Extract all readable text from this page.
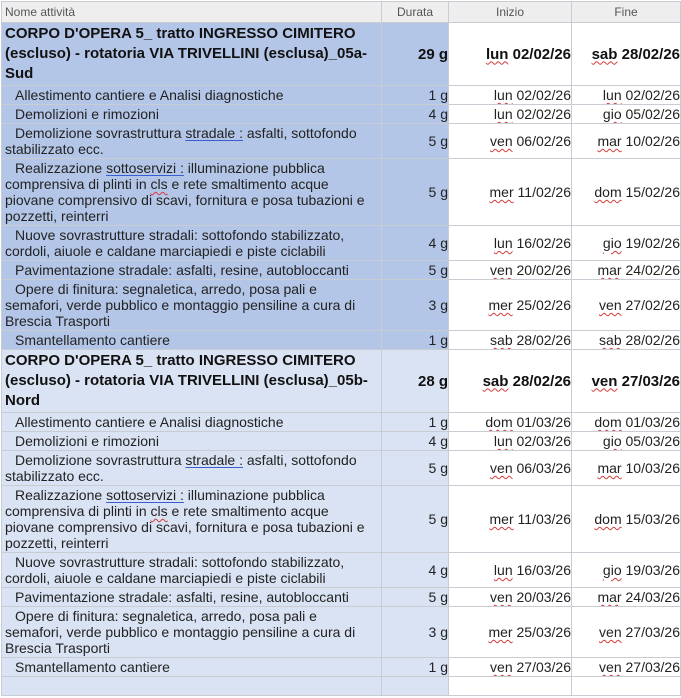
Nome attività	Durata	Inizio	Fine

CORPO D'OPERA 5_ tratto INGRESSO CIMITERO (escluso) - rotatoria VIA TRIVELLINI (esclusa)_05a-Sud	29 g	lun 02/02/26	sab 28/02/26

Allestimento cantiere e Analisi diagnostiche	1 g	lun 02/02/26	lun 02/02/26

Demolizioni e rimozioni	4 g	lun 02/02/26	gio 05/02/26

Demolizione sovrastruttura stradale : asfalti, sottofondo stabilizzato ecc.	5 g	ven 06/02/26	mar 10/02/26

Realizzazione sottoservizi : illuminazione pubblica comprensiva di plinti in cls e rete smaltimento acque piovane comprensivo di scavi, fornitura e posa tubazioni e pozzetti, reinterri	5 g	mer 11/02/26	dom 15/02/26

Nuove sovrastrutture stradali: sottofondo stabilizzato, cordoli, aiuole e caldane marciapiedi e piste ciclabili	4 g	lun 16/02/26	gio 19/02/26

Pavimentazione stradale: asfalti, resine, autobloccanti	5 g	ven 20/02/26	mar 24/02/26

Opere di finitura: segnaletica, arredo, posa pali e semafori, verde pubblico e montaggio pensiline a cura di Brescia Trasporti	3 g	mer 25/02/26	ven 27/02/26

Smantellamento cantiere	1 g	sab 28/02/26	sab 28/02/26

CORPO D'OPERA 5_ tratto INGRESSO CIMITERO (escluso) - rotatoria VIA TRIVELLINI (esclusa)_05b-Nord	28 g	sab 28/02/26	ven 27/03/26

Allestimento cantiere e Analisi diagnostiche	1 g	dom 01/03/26	dom 01/03/26

Demolizioni e rimozioni	4 g	lun 02/03/26	gio 05/03/26

Demolizione sovrastruttura stradale : asfalti, sottofondo stabilizzato ecc.	5 g	ven 06/03/26	mar 10/03/26

Realizzazione sottoservizi : illuminazione pubblica comprensiva di plinti in cls e rete smaltimento acque piovane comprensivo di scavi, fornitura e posa tubazioni e pozzetti, reinterri	5 g	mer 11/03/26	dom 15/03/26

Nuove sovrastrutture stradali: sottofondo stabilizzato, cordoli, aiuole e caldane marciapiedi e piste ciclabili	4 g	lun 16/03/26	gio 19/03/26

Pavimentazione stradale: asfalti, resine, autobloccanti	5 g	ven 20/03/26	mar 24/03/26

Opere di finitura: segnaletica, arredo, posa pali e semafori, verde pubblico e montaggio pensiline a cura di Brescia Trasporti	3 g	mer 25/03/26	ven 27/03/26

Smantellamento cantiere	1 g	ven 27/03/26	ven 27/03/26
